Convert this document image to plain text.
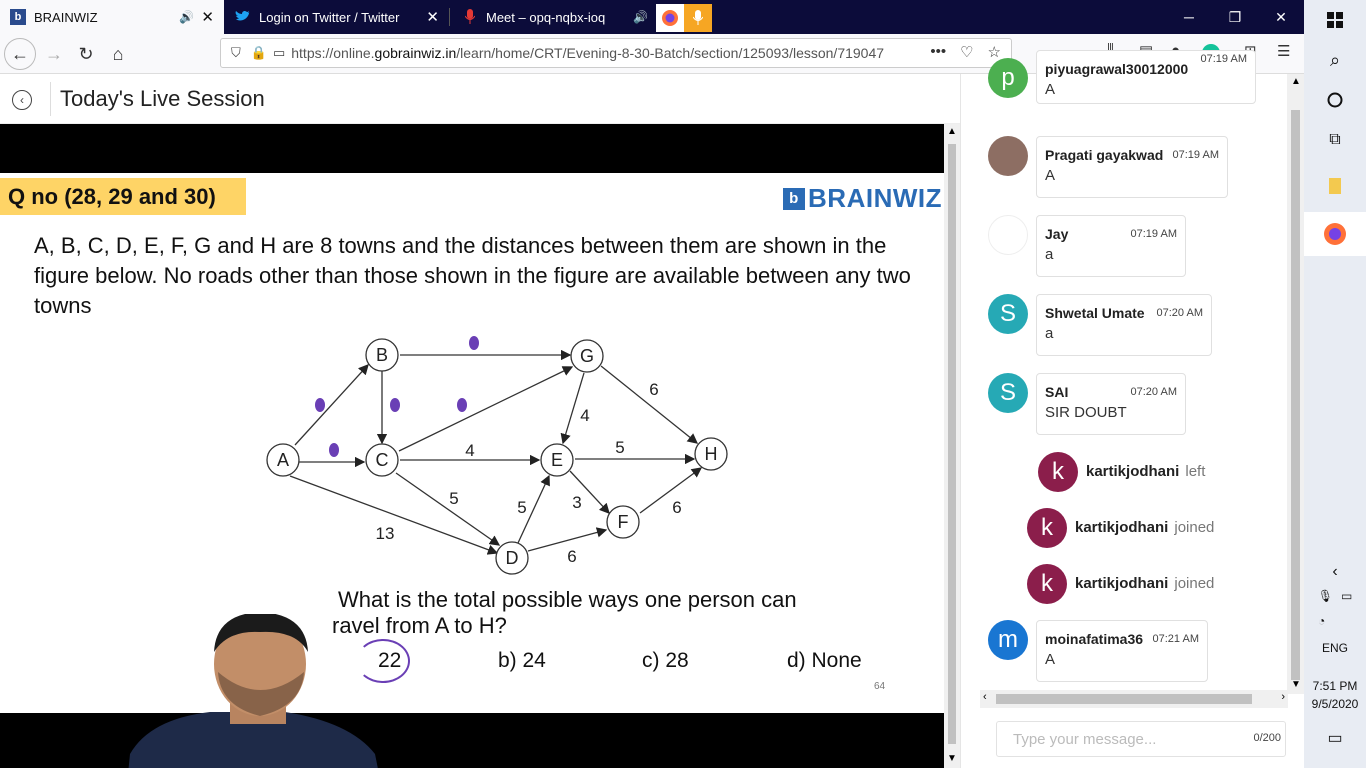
b BRAINWIZ	🔊 ✕	Login on Twitter / Twitter ✕	Meet – opq-nqbx-ioq 🔊	─	❐	✕
← → ↻	⌂	⛉ 🔒 ▭ https://online.gobrainwiz.in/learn/home/CRT/Evening-8-30-Batch/section/125093/lesson/719047	••• ♡ ☆	☰
‹	Today's Live Session
Q no (28, 29 and 30)	b BRAINWIZ
A, B, C, D, E, F, G and H are 8 towns and the distances between them are shown in the figure below. No roads other than those shown in the figure are available between any two towns
A
B
C
D
E
F
G
H
6
4
4	5
5	5	3	6
13
6
What is the total possible ways one person can
ravel from A to H?
22	b) 24	c) 28	d) None
64
▲
▼
p piyuagrawal30012000
07:19 AM
A
Pragati gayakwad 07:19 AM
A
Jay	07:19 AM
a
S Shwetal Umate	07:20 AM
a
S SAI	07:20 AM
SIR DOUBT
k kartikjodhani left
k kartikjodhani joined
k kartikjodhani joined
m moinafatima36 07:21 AM
A
▲
▼
‹	›
Type your message...	0/200
⌕
⧉
‹
🎙 ▭
◔
ENG
7:51 PM
9/5/2020
▭
